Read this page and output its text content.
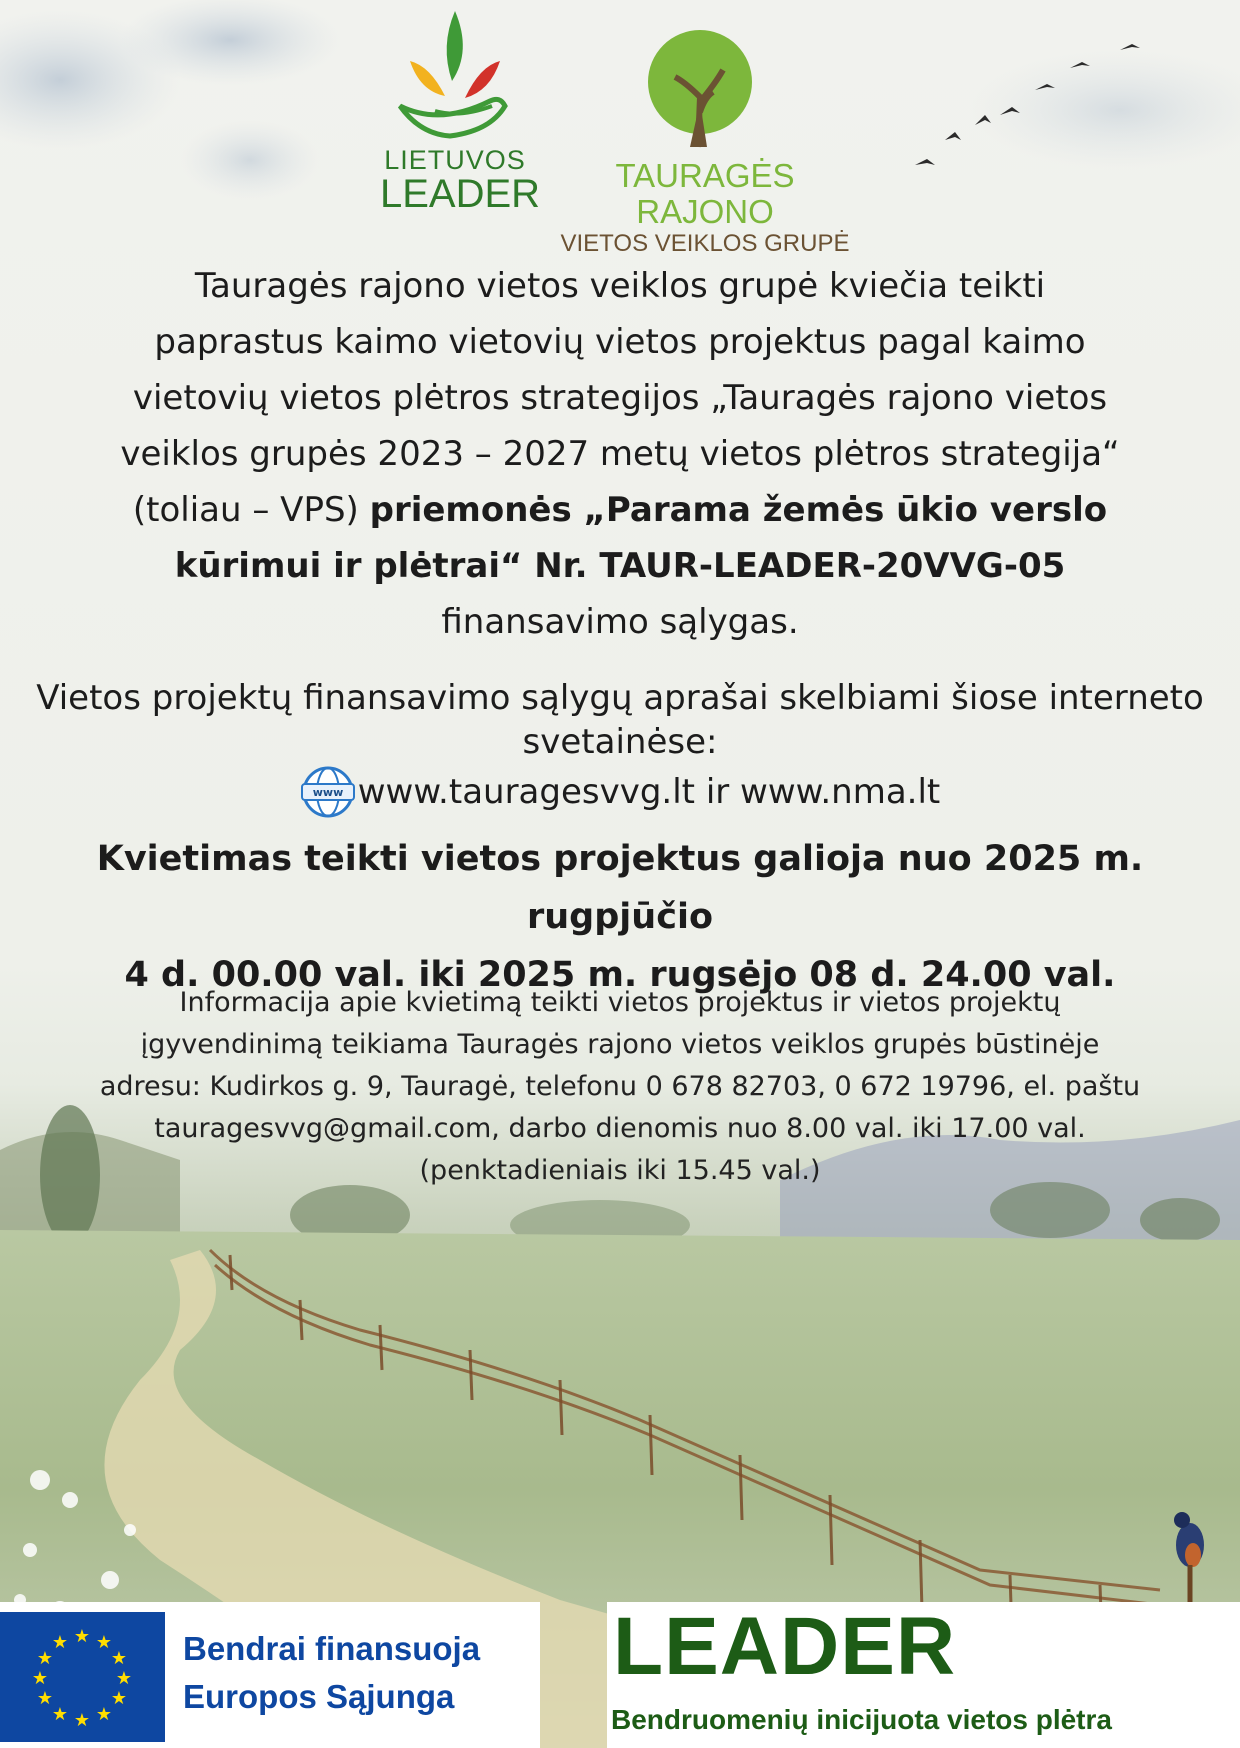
LIETUVOS
LEADER	TAURAGĖS RAJONO
VIETOS VEIKLOS GRUPĖ
Tauragės rajono vietos veiklos grupė kviečia teikti
paprastus kaimo vietovių vietos projektus pagal kaimo
vietovių vietos plėtros strategijos „Tauragės rajono vietos
veiklos grupės 2023 – 2027 metų vietos plėtros strategija“
(toliau – VPS) priemonės „Parama žemės ūkio verslo
kūrimui ir plėtrai“ Nr. TAUR-LEADER-20VVG-05
finansavimo sąlygas.
Vietos projektų finansavimo sąlygų aprašai skelbiami šiose interneto
svetainėse:
www www.tauragesvvg.lt ir www.nma.lt
Kvietimas teikti vietos projektus galioja nuo 2025 m. rugpjūčio
4 d. 00.00 val. iki 2025 m. rugsėjo 08 d. 24.00 val.
Informacija apie kvietimą teikti vietos projektus ir vietos projektų
įgyvendinimą teikiama Tauragės rajono vietos veiklos grupės būstinėje
adresu: Kudirkos g. 9, Tauragė, telefonu 0 678 82703, 0 672 19796, el. paštu
tauragesvvg@gmail.com, darbo dienomis nuo 8.00 val. iki 17.00 val.
(penktadieniais iki 15.45 val.)
★ ★
★
★
★
★
★
★
★
★
★
★	Bendrai finansuoja
Europos Sąjunga
LEADER
Bendruomenių inicijuota vietos plėtra
